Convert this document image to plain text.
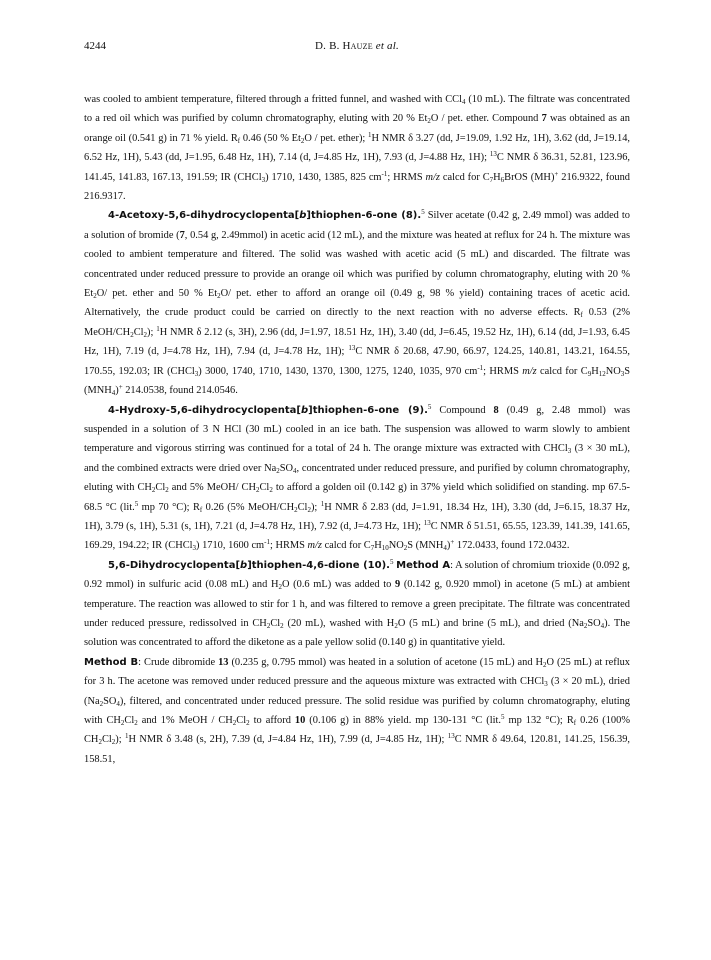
4244	D. B. Hauze et al.

was cooled to ambient temperature, filtered through a fritted funnel, and washed with CCl$_4$ (10 mL). The filtrate was concentrated to a red oil which was purified by column chromatography, eluting with 20 % $Et_2O$ / pet. ether. Compound 7 was obtained as an orange oil (0.541 g) in 71 % yield. $R_f$ 0.46 (50 % $Et_2O$ / pet. ether); $^1$H NMR δ 3.27 (dd, J=19.09, 1.92 Hz, 1H), 3.62 (dd, J=19.14, 6.52 Hz, 1H), 5.43 (dd, J=1.95, 6.48 Hz, 1H), 7.14 (d, J=4.85 Hz, 1H), 7.93 (d, J=4.88 Hz, 1H); $^{13}$C NMR δ 36.31, 52.81, 123.96, 141.45, 141.83, 167.13, 191.59; IR (CHCl$_3$) 1710, 1430, 1385, 825 $cm^{-1}$; HRMS m/z calcd for $C_7H_6BrOS$ (MH)+ 216.9322, found 216.9317.

4-Acetoxy-5,6-dihydrocyclopenta[b]thiophen-6-one (8).$^5$ Silver acetate (0.42 g, 2.49 mmol) was added to a solution of bromide (7, 0.54 g, 2.49mmol) in acetic acid (12 mL), and the mixture was heated at reflux for 24 h. The mixture was cooled to ambient temperature and filtered. The solid was washed with acetic acid (5 mL) and discarded. The filtrate was concentrated under reduced pressure to provide an orange oil which was purified by column chromatography, eluting with 20 % $Et_2O/$ pet. ether and 50 % $Et_2O/$ pet. ether to afford an orange oil (0.49 g, 98 % yield) containing traces of acetic acid. Alternatively, the crude product could be carried on directly to the next reaction with no adverse effects. $R_f$ 0.53 (2% MeOH/$CH_2Cl_2$); $^1$H NMR δ 2.12 (s, 3H), 2.96 (dd, J=1.97, 18.51 Hz, 1H), 3.40 (dd, J=6.45, 19.52 Hz, 1H), 6.14 (dd, J=1.93, 6.45 Hz, 1H), 7.19 (d, J=4.78 Hz, 1H), 7.94 (d, J=4.78 Hz, 1H); $^{13}$C NMR δ 20.68, 47.90, 66.97, 124.25, 140.81, 143.21, 164.55, 170.55, 192.03; IR (CHCl$_3$) 3000, 1740, 1710, 1430, 1370, 1300, 1275, 1240, 1035, 970 $cm^{-1}$; HRMS m/z calcd for $C_9H_{12}NO_3S$ $(MNH_4)^+$ 214.0538, found 214.0546.

4-Hydroxy-5,6-dihydrocyclopenta[b]thiophen-6-one (9).$^5$ Compound 8 (0.49 g, 2.48 mmol) was suspended in a solution of 3 N HCl (30 mL) cooled in an ice bath. The suspension was allowed to warm slowly to ambient temperature and vigorous stirring was continued for a total of 24 h. The orange mixture was extracted with CHCl$_3$ (3 × 30 mL), and the combined extracts were dried over $Na_2SO_4$, concentrated under reduced pressure, and purified by column chromatography, eluting with $CH_2Cl_2$ and 5% MeOH/ $CH_2Cl_2$ to afford a golden oil (0.142 g) in 37% yield which solidified on standing. mp 67.5-68.5 °C (lit.$^5$ mp 70 °C); $R_f$ 0.26 (5% MeOH/$CH_2Cl_2$); $^1$H NMR δ 2.83 (dd, J=1.91, 18.34 Hz, 1H), 3.30 (dd, J=6.15, 18.37 Hz, 1H), 3.79 (s, 1H), 5.31 (s, 1H), 7.21 (d, J=4.78 Hz, 1H), 7.92 (d, J=4.73 Hz, 1H); $^{13}$C NMR δ 51.51, 65.55, 123.39, 141.39, 141.65, 169.29, 194.22; IR (CHCl$_3$) 1710, 1600 $cm^{-1}$; HRMS m/z calcd for $C_7H_{10}NO_2S$ $(MNH_4)^+$ 172.0433, found 172.0432.

5,6-Dihydrocyclopenta[b]thiophen-4,6-dione (10).$^5$ Method A: A solution of chromium trioxide (0.092 g, 0.92 mmol) in sulfuric acid (0.08 mL) and $H_2O$ (0.6 mL) was added to 9 (0.142 g, 0.920 mmol) in acetone (5 mL) at ambient temperature. The reaction was allowed to stir for 1 h, and was filtered to remove a green precipitate. The filtrate was concentrated under reduced pressure, redissolved in $CH_2Cl_2$ (20 mL), washed with $H_2O$ (5 mL) and brine (5 mL), and dried $(Na_2SO_4)$. The solution was concentrated to afford the diketone as a pale yellow solid (0.140 g) in quantitative yield.

Method B: Crude dibromide 13 (0.235 g, 0.795 mmol) was heated in a solution of acetone (15 mL) and $H_2O$ (25 mL) at reflux for 3 h. The acetone was removed under reduced pressure and the aqueous mixture was extracted with CHCl$_3$ (3 × 20 mL), dried $(Na_2SO_4)$, filtered, and concentrated under reduced pressure. The solid residue was purified by column chromatography, eluting with $CH_2Cl_2$ and 1% MeOH / $CH_2Cl_2$ to afford 10 (0.106 g) in 88% yield. mp 130-131 °C (lit.$^5$ mp 132 °C); $R_f$ 0.26 (100% $CH_2Cl_2$); $^1$H NMR δ 3.48 (s, 2H), 7.39 (d, J=4.84 Hz, 1H), 7.99 (d, J=4.85 Hz, 1H); $^{13}$C NMR δ 49.64, 120.81, 141.25, 156.39, 158.51,
